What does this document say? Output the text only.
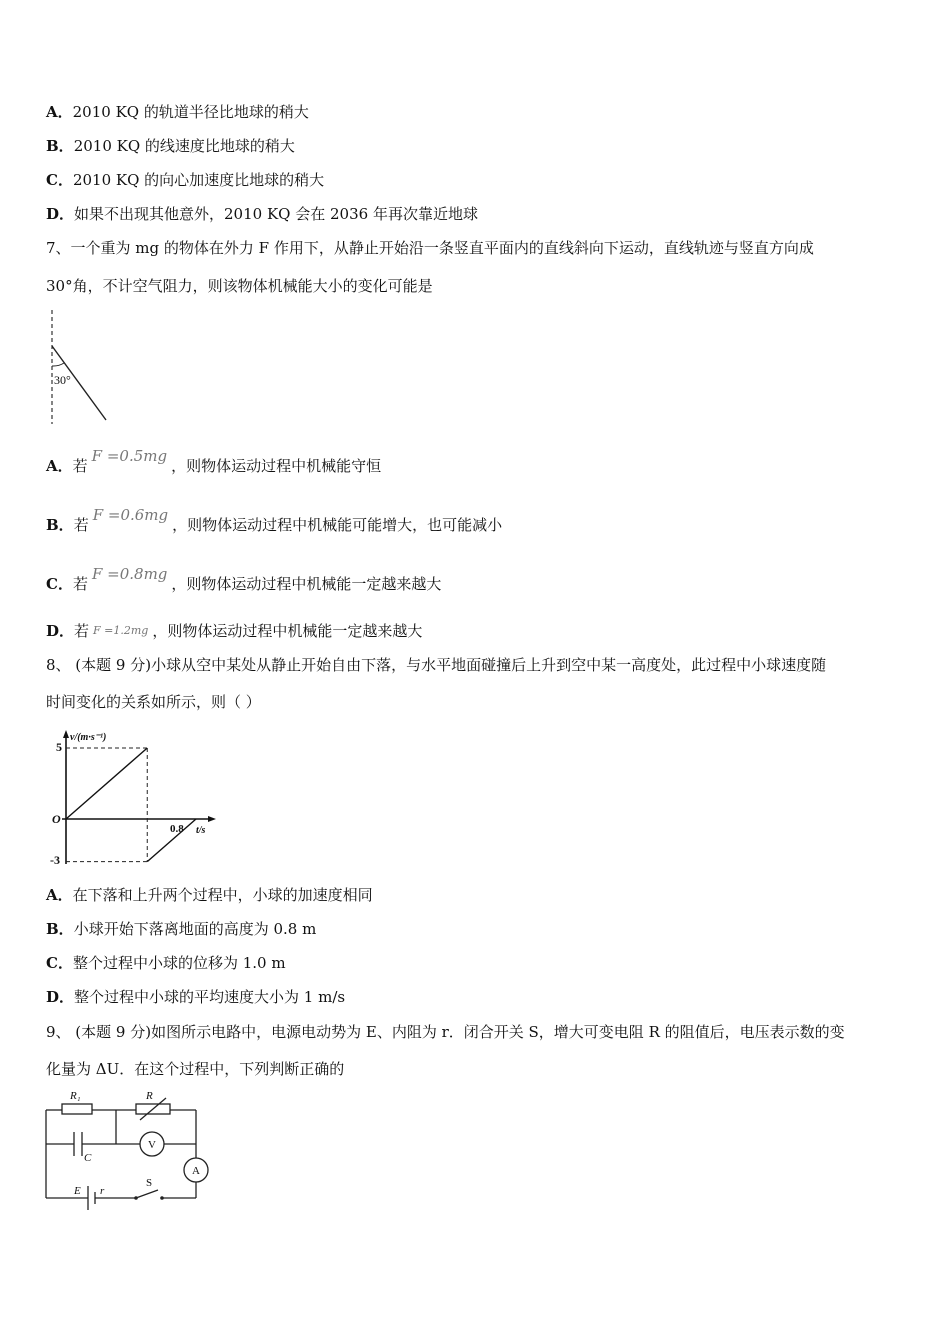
A．2010 KQ 的轨道半径比地球的稍大
B．2010 KQ 的线速度比地球的稍大
C．2010 KQ 的向心加速度比地球的稍大
D．如果不出现其他意外，2010 KQ 会在 2036 年再次靠近地球
7、一个重为 mg 的物体在外力 F 作用下，从静止开始沿一条竖直平面内的直线斜向下运动，直线轨迹与竖直方向成
30°角，不计空气阻力，则该物体机械能大小的变化可能是
30°
A．若F =0.5mg，则物体运动过程中机械能守恒
B．若F =0.6mg，则物体运动过程中机械能可能增大，也可能减小
C．若F =0.8mg，则物体运动过程中机械能一定越来越大
D．若 F =1.2mg ，则物体运动过程中机械能一定越来越大
8、 (本题 9 分)小球从空中某处从静止开始自由下落，与水平地面碰撞后上升到空中某一高度处，此过程中小球速度随
时间变化的关系如所示，则（ ）
v/(m·s⁻¹)
t/s
O
5
-3
0.8
A．在下落和上升两个过程中，小球的加速度相同
B．小球开始下落离地面的高度为 0.8 m
C．整个过程中小球的位移为 1.0 m
D．整个过程中小球的平均速度大小为 1 m/s
9、 (本题 9 分)如图所示电路中，电源电动势为 E、内阻为 r．闭合开关 S，增大可变电阻 R 的阻值后，电压表示数的变
化量为 ΔU．在这个过程中，下列判断正确的
R₁	R
C
V
A
E r
S
